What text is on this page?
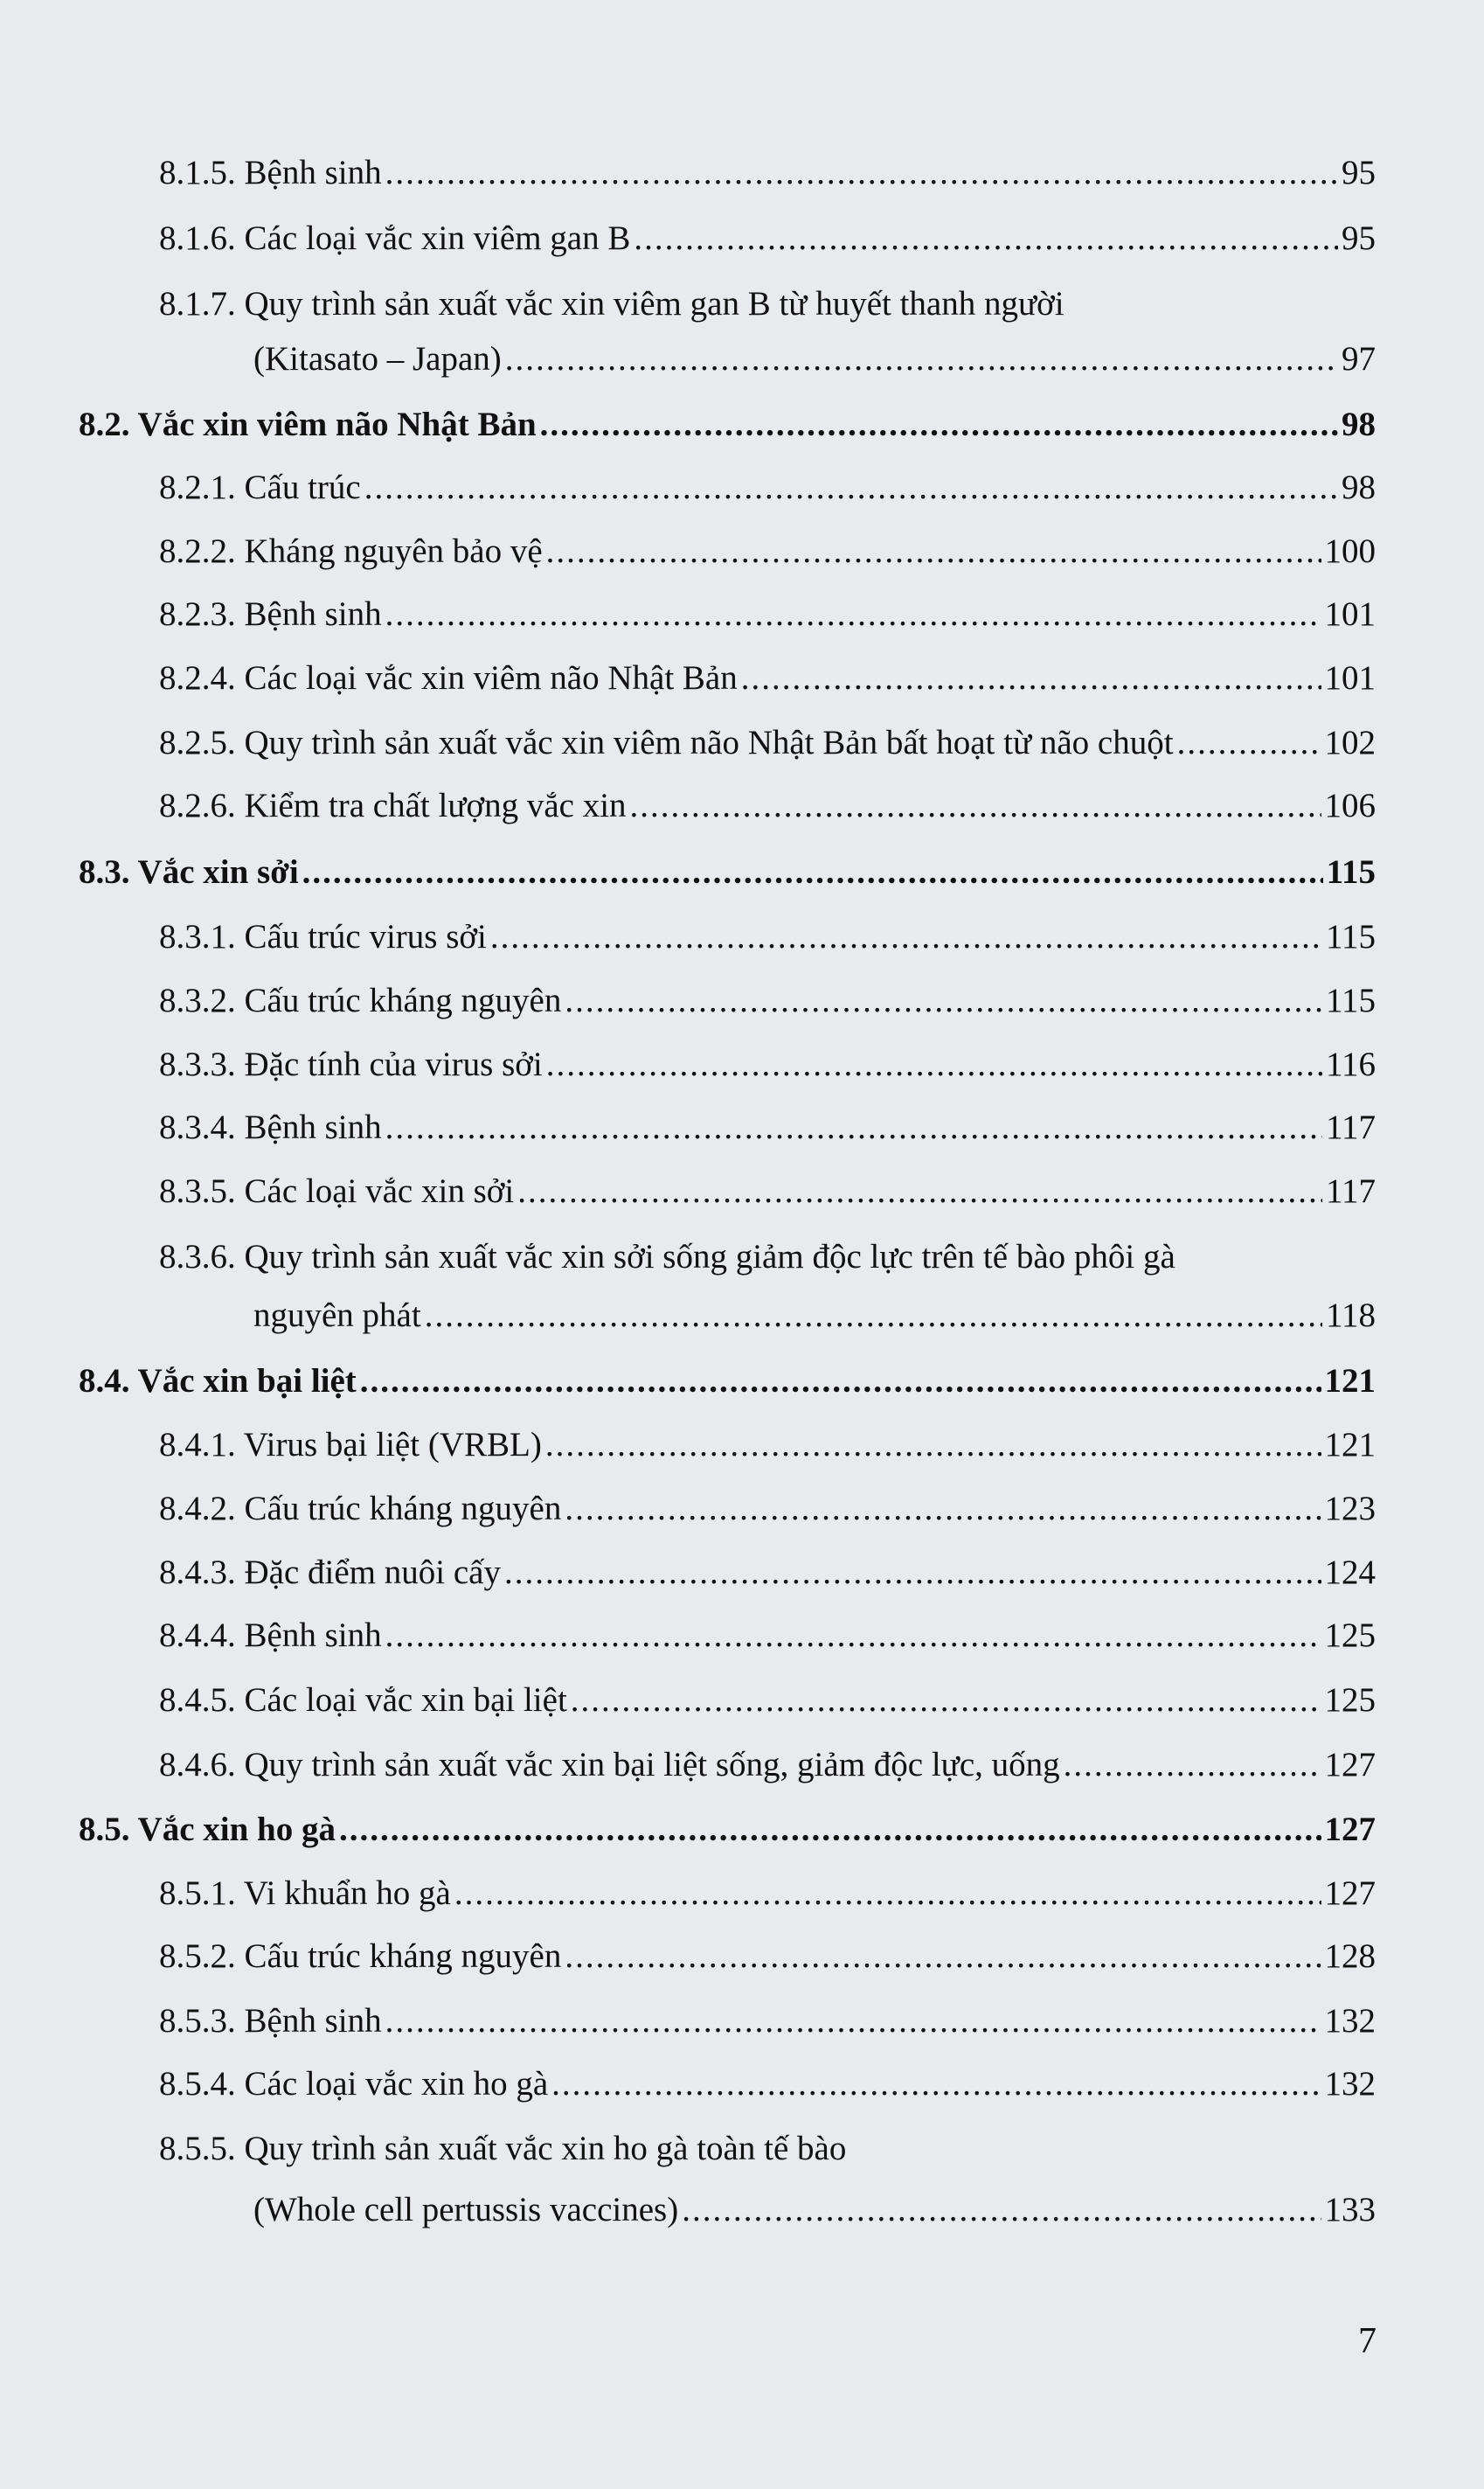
8.1.5. Bệnh sinh .....	95
8.1.6. Các loại vắc xin viêm gan B .....	95
8.1.7. Quy trình sản xuất vắc xin viêm gan B từ huyết thanh người
(Kitasato – Japan) .....	97
8.2. Vắc xin viêm não Nhật Bản .....	98
8.2.1. Cấu trúc .....	98
8.2.2. Kháng nguyên bảo vệ .....	100
8.2.3. Bệnh sinh .....	101
8.2.4. Các loại vắc xin viêm não Nhật Bản .....	101
8.2.5. Quy trình sản xuất vắc xin viêm não Nhật Bản bất hoạt từ não chuột .....	102
8.2.6. Kiểm tra chất lượng vắc xin .....	106
8.3. Vắc xin sởi .....	115
8.3.1. Cấu trúc virus sởi .....	115
8.3.2. Cấu trúc kháng nguyên .....	115
8.3.3. Đặc tính của virus sởi .....	116
8.3.4. Bệnh sinh .....	117
8.3.5. Các loại vắc xin sởi .....	117
8.3.6. Quy trình sản xuất vắc xin sởi sống giảm độc lực trên tế bào phôi gà
nguyên phát .....	118
8.4. Vắc xin bại liệt .....	121
8.4.1. Virus bại liệt (VRBL) .....	121
8.4.2. Cấu trúc kháng nguyên .....	123
8.4.3. Đặc điểm nuôi cấy .....	124
8.4.4. Bệnh sinh .....	125
8.4.5. Các loại vắc xin bại liệt .....	125
8.4.6. Quy trình sản xuất vắc xin bại liệt sống, giảm độc lực, uống .....	127
8.5. Vắc xin ho gà .....	127
8.5.1. Vi khuẩn ho gà .....	127
8.5.2. Cấu trúc kháng nguyên .....	128
8.5.3. Bệnh sinh .....	132
8.5.4. Các loại vắc xin ho gà .....	132
8.5.5. Quy trình sản xuất vắc xin ho gà toàn tế bào
(Whole cell pertussis vaccines) .....	133
7
